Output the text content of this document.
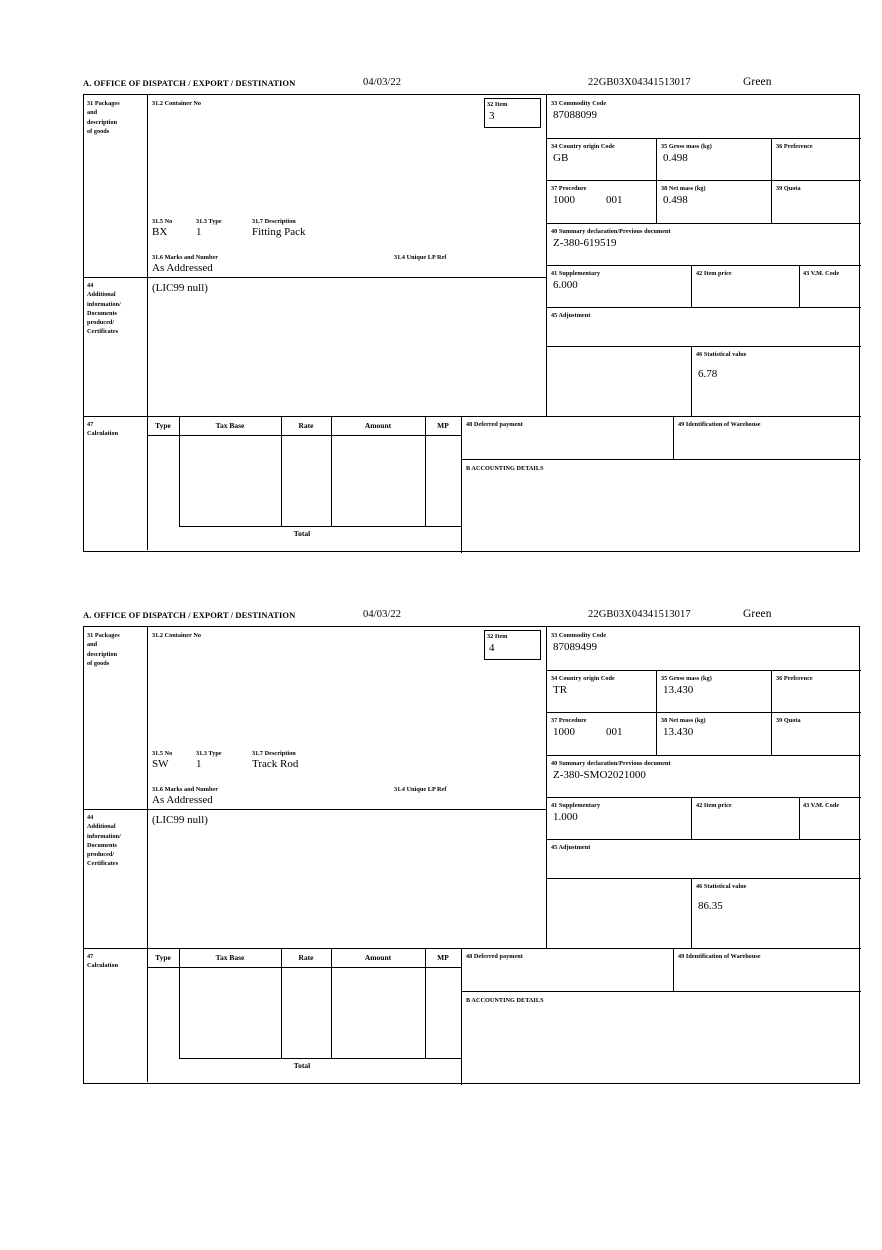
A. OFFICE OF DISPATCH / EXPORT / DESTINATION	04/03/22	22GB03X04341513017	Green
31 Packages
and
description
of goods
31.2 Container No
31.5 No	31.3 Type	31.7 Description
BX	1	Fitting Pack
31.6 Marks and Number	31.4 Unique LP Ref
As Addressed
32 Item
3
33 Commodity Code
87088099
34 Country origin Code
GB
35 Gross mass (kg)
0.498
36 Preference
37 Procedure
1000	001
38 Net mass (kg)
0.498
39 Quota
40 Summary declaration/Previous document
Z-380-619519
41 Supplementary
6.000
42 Item price	43 V.M. Code
45 Adjustment
46 Statistical value
6.78
44
Additional
information/
Documents
produced/
Certificates
(LIC99 null)
47
Calculation
Type	Tax Base	Rate	Amount	MP
Total
48 Deferred payment	49 Identification of Warehouse
B ACCOUNTING DETAILS
A. OFFICE OF DISPATCH / EXPORT / DESTINATION	04/03/22	22GB03X04341513017	Green
31 Packages
and
description
of goods
31.2 Container No
31.5 No	31.3 Type	31.7 Description
SW	1	Track Rod
31.6 Marks and Number	31.4 Unique LP Ref
As Addressed
32 Item
4
33 Commodity Code
87089499
34 Country origin Code
TR
35 Gross mass (kg)
13.430
36 Preference
37 Procedure
1000	001
38 Net mass (kg)
13.430
39 Quota
40 Summary declaration/Previous document
Z-380-SMO2021000
41 Supplementary
1.000
42 Item price	43 V.M. Code
45 Adjustment
46 Statistical value
86.35
44
Additional
information/
Documents
produced/
Certificates
(LIC99 null)
47
Calculation
Type	Tax Base	Rate	Amount	MP
Total
48 Deferred payment	49 Identification of Warehouse
B ACCOUNTING DETAILS
